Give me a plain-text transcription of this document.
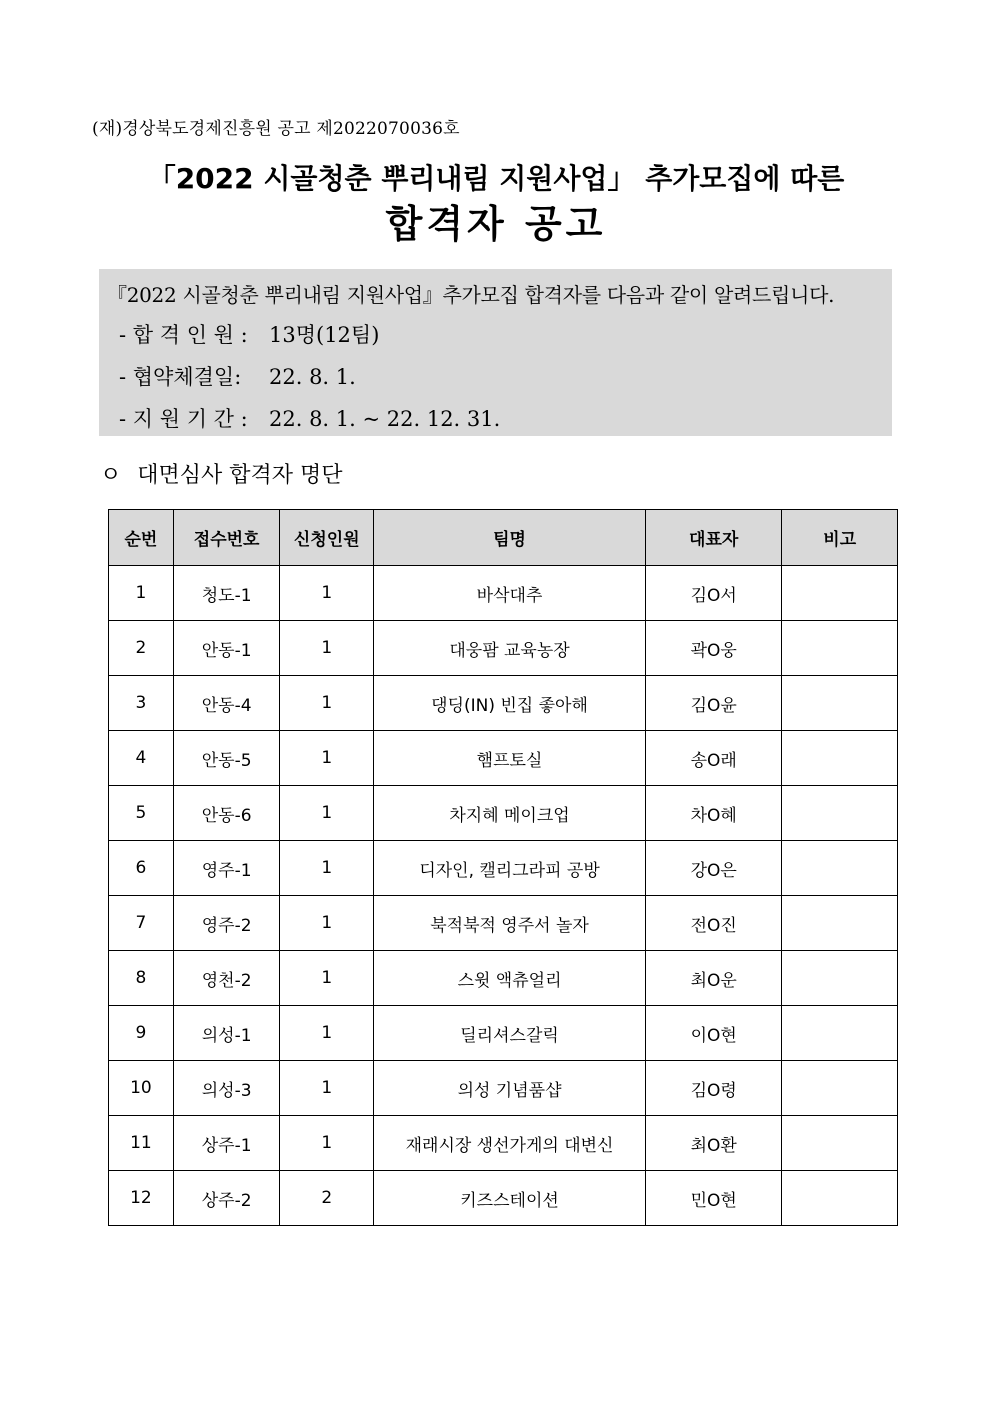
(재)경상북도경제진흥원 공고 제2022070036호
「2022 시골청춘 뿌리내림 지원사업」 추가모집에 따른
합격자 공고
『2022 시골청춘 뿌리내림 지원사업』추가모집 합격자를 다음과 같이 알려드립니다.
- 합 격 인 원 : 13명(12팀)
- 협약체결일: 22. 8. 1.
- 지 원 기 간 : 22. 8. 1. ~ 22. 12. 31.
ㅇ 대면심사 합격자 명단
순번	접수번호	신청인원	팀명	대표자	비고
1	청도-1	1	바삭대추	김O서	
2	안동-1	1	대웅팜 교육농장	곽O웅	
3	안동-4	1	댕딩(IN) 빈집 좋아해	김O윤	
4	안동-5	1	햄프토실	송O래	
5	안동-6	1	차지혜 메이크업	차O혜	
6	영주-1	1	디자인, 캘리그라피 공방	강O은	
7	영주-2	1	북적북적 영주서 놀자	전O진	
8	영천-2	1	스윗 액츄얼리	최O운	
9	의성-1	1	딜리셔스갈릭	이O현	
10	의성-3	1	의성 기념품샵	김O령	
11	상주-1	1	재래시장 생선가게의 대변신	최O환	
12	상주-2	2	키즈스테이션	민O현	
